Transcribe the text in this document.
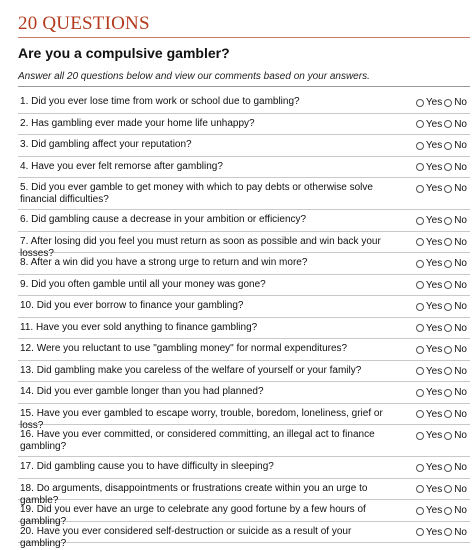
20 QUESTIONS
Are you a compulsive gambler?
Answer all 20 questions below and view our comments based on your answers.
1 . Did you ever lose time from work or school due to gambling?	Yes No
2 . Has gambling ever made your home life unhappy?	Yes No
3 . Did gambling affect your reputation?	Yes No
4 . Have you ever felt remorse after gambling?	Yes No
5 . Did you ever gamble to get money with which to pay debts or otherwise solve financial difficulties?
Yes No
6 . Did gambling cause a decrease in your ambition or efficiency?	Yes No
7 . After losing did you feel you must return as soon as possible and win back your losses?
Yes No
8 . After a win did you have a strong urge to return and win more?	Yes No
9 . Did you often gamble until all your money was gone?	Yes No
10 . Did you ever borrow to finance your gambling?	Yes No
11 . Have you ever sold anything to finance gambling?	Yes No
12 . Were you reluctant to use "gambling money" for normal expenditures?	Yes No
13 . Did gambling make you careless of the welfare of yourself or your family?	Yes No
14 . Did you ever gamble longer than you had planned?	Yes No
15 . Have you ever gambled to escape worry, trouble, boredom, loneliness, grief or loss?
Yes No
16 . Have you ever committed, or considered committing, an illegal act to finance gambling?
Yes No
17 . Did gambling cause you to have difficulty in sleeping?	Yes No
18 . Do arguments, disappointments or frustrations create within you an urge to gamble?
Yes No
19 . Did you ever have an urge to celebrate any good fortune by a few hours of gambling?
Yes No
20 . Have you ever considered self-destruction or suicide as a result of your gambling?
Yes No
